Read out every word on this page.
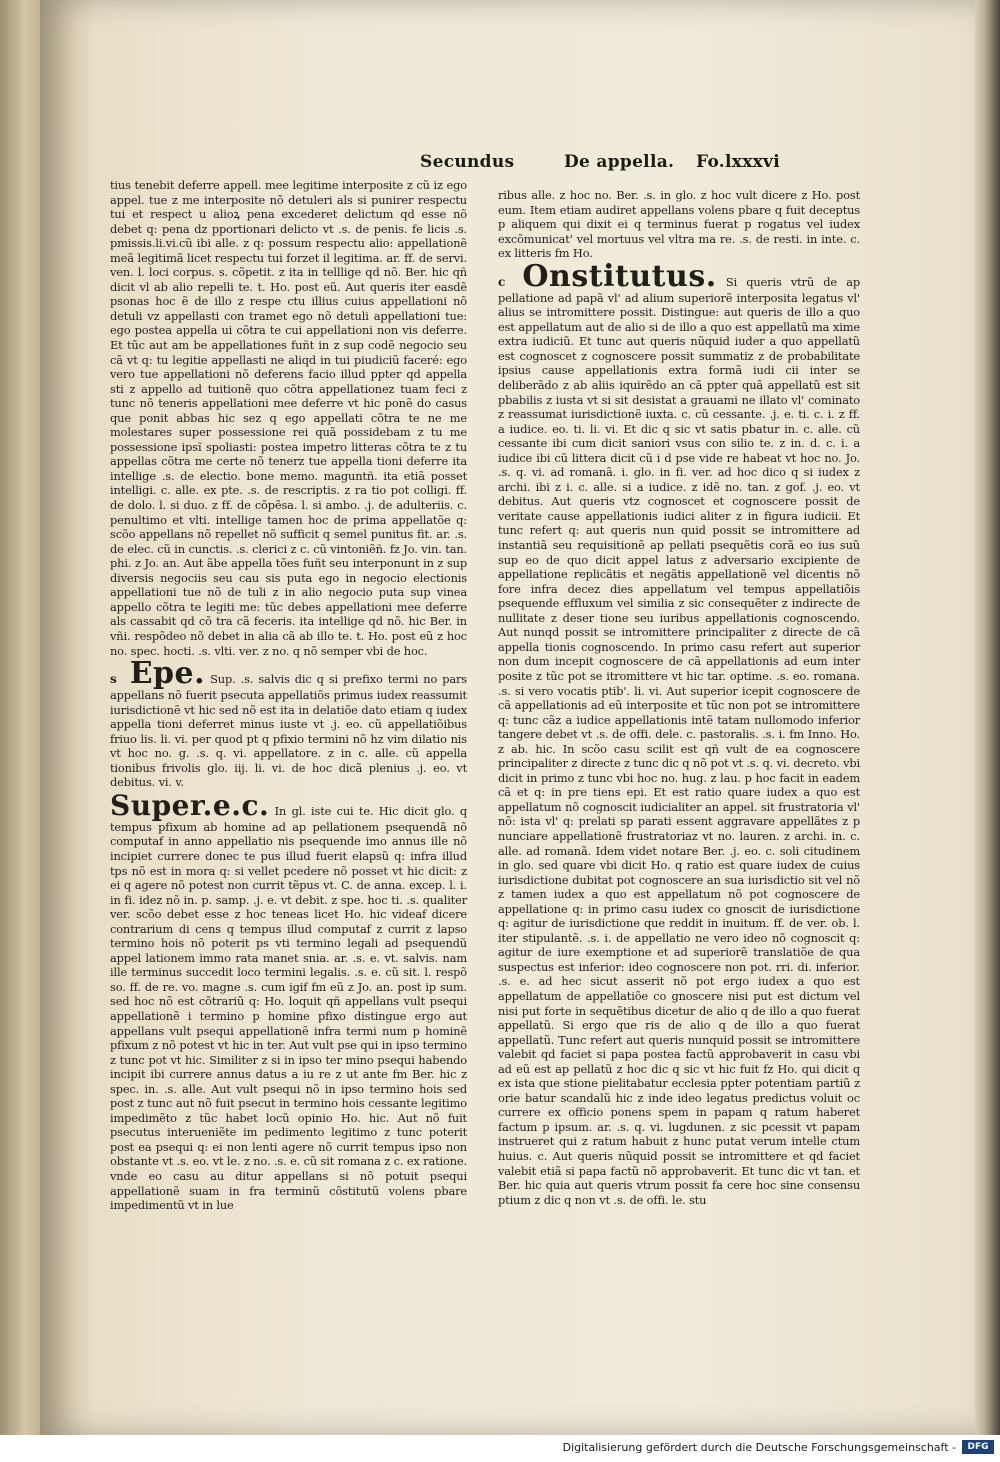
Secundus	De appella. Fo.lxxxvi

tius tenebit deferre appell. mee legitime interposite z cũ iz ego appel. tue z me interposite nõ detuleri als si punirer respectu tui et respect u alioꝝ pena excederet delictum qd esse nõ debet q: pena dz pportionari delicto vt .s. de penis. fe licis .s. pmissis.li.vi.cũ ibi alle. z q: possum respectu alio: appellationẽ meã legitimã licet respectu tui forzet il legitima. ar. ff. de servi. ven. l. loci corpus. s. cõpetit. z ita in telllige qd nõ. Ber. hic qñ dicit vl ab alio repelli te. t. Ho. post eũ. Aut queris iter easdẽ psonas hoc ẽ de illo z respe ctu illius cuius appellationi nõ detuli vz appellasti con tramet ego nõ detuli appellationi tue: ego postea appella ui cõtra te cui appellationi non vis deferre. Et tũc aut am be appellationes fuñt in z sup codẽ negocio seu cã vt q: tu legitie appellasti ne aliqd in tui piudiciũ faceré: ego vero tue appellationi nõ deferens facio illud ppter qd appella sti z appello ad tuitionẽ quo cõtra appellationez tuam feci z tunc nõ teneris appellationi mee deferre vt hic ponẽ do casus que ponit abbas hic sez q ego appellati cõtra te ne me molestares super possessione rei quã possidebam z tu me possessione ipsĩ spoliasti: postea impetro litteras cõtra te z tu appellas cõtra me certe nõ tenerz tue appella tioni deferre ita intellige .s. de electio. bone memo. maguntñ. ita etiã posset intelligi. c. alle. ex pte. .s. de rescriptis. z ra tio pot colligi. ff. de dolo. l. si duo. z ff. de cõpẽsa. l. si ambo. .j. de adulteriis. c. penultimo et vlti. intellige tamen hoc de prima appellatõe q: scõo appellans nõ repellet nõ sufficit q semel punitus fit. ar. .s. de elec. cũ in cunctis. .s. clerici z c. cũ vintoniẽñ. fz Jo. vin. tan. phi. z Jo. an. Aut ãbe appella tões fuñt seu interponunt in z sup diversis negociis seu cau sis puta ego in negocio electionis appellationi tue nõ de tuli z in alio negocio puta sup vinea appello cõtra te legiti me: tũc debes appellationi mee deferre als cassabit qd cõ tra cã feceris. ita intellige qd nõ. hic Ber. in vñi. respõdeo nõ debet in alia cã ab illo te. t. Ho. post eũ z hoc no. spec. hocti. .s. vlti. ver. z no. q nõ semper vbi de hoc.

s Epe. Sup. .s. salvis dic q si prefixo termi no pars appellans nõ fuerit psecuta appellatiõs primus iudex reassumit iurisdictionẽ vt hic sed nõ est ita in delatiõe dato etiam q iudex appella tioni deferret minus iuste vt .j. eo. cũ appellatiõibus friuo lis. li. vi. per quod pt q pfixio termini nõ hz vim dilatio nis vt hoc no. g. .s. q. vi. appellatore. z in c. alle. cũ appella tionibus frivolis glo. iij. li. vi. de hoc dicã plenius .j. eo. vt debitus. vi. v.

Super.e.c. In gl. iste cui te. Hic dicit glo. q tempus pfixum ab homine ad ap pellationem psequendã nõ computaf in anno appellatio nis psequende imo annus ille nõ incipiet currere donec te pus illud fuerit elapsũ q: infra illud tps nõ est in mora q: si vellet pcedere nõ posset vt hic dicit: z ei q agere nõ potest non currit tẽpus vt. C. de anna. excep. l. i. in fi. idez nõ in. p. samp. .j. e. vt debit. z spe. hoc ti. .s. qualiter ver. scõo debet esse z hoc teneas licet Ho. hic videaf dicere contrarium di cens q tempus illud computaf z currit z lapso termino hois nõ poterit ps vti termino legali ad psequendũ appel lationem immo rata manet snia. ar. .s. e. vt. salvis. nam ille terminus succedit loco termini legalis. .s. e. cũ sit. l. respõ so. ff. de re. vo. magne .s. cum igif fm eũ z Jo. an. post ip sum. sed hoc nõ est cõtrariũ q: Ho. loquit qñ appellans vult psequi appellationẽ i termino p homine pfixo distingue ergo aut appellans vult psequi appellationẽ infra termi num p hominẽ pfixum z nõ potest vt hic in ter. Aut vult pse qui in ipso termino z tunc pot vt hic. Similiter z si in ipso ter mino psequi habendo incipit ibi currere annus datus a iu re z ut ante fm Ber. hic z spec. in. .s. alle. Aut vult psequi nõ in ipso termino hois sed post z tunc aut nõ fuit psecut in termino hois cessante legitimo impedimẽto z tũc habet locũ opinio Ho. hic. Aut nõ fuit psecutus interueniẽte im pedimento legitimo z tunc poterit post ea psequi q: ei non lenti agere nõ currit tempus ipso non obstante vt .s. eo. vt le. z no. .s. e. cũ sit romana z c. ex ratione. vnde eo casu au ditur appellans si nõ potuit psequi appellationẽ suam in fra terminũ cõstitutũ volens pbare impedimentũ vt in lue

ribus alle. z hoc no. Ber. .s. in glo. z hoc vult dicere z Ho. post eum. Item etiam audiret appellans volens pbare q fuit deceptus p aliquem qui dixit ei q terminus fuerat p rogatus vel iudex excõmunicat' vel mortuus vel vltra ma re. .s. de resti. in inte. c. ex litteris fm Ho.

c Onstitutus. Si queris vtrũ de ap pellatione ad papã vl' ad alium superiorẽ interposita legatus vl' alius se intromittere possit. Distingue: aut queris de illo a quo est appellatum aut de alio si de illo a quo est appellatũ ma xime extra iudiciũ. Et tunc aut queris nũquid iuder a quo appellatũ est cognoscet z cognoscere possit summatiz z de probabilitate ipsius cause appellationis extra formã iudi cii inter se deliberãdo z ab aliis iquirẽdo an cã ppter quã appellatũ est sit pbabilis z iusta vt si sit desistat a grauami ne illato vl' cominato z reassumat iurisdictionẽ iuxta. c. cũ cessante. .j. e. ti. c. i. z ff. a iudice. eo. ti. li. vi. Et dic q sic vt satis pbatur in. c. alle. cũ cessante ibi cum dicit saniori vsus con silio te. z in. d. c. i. a iudice ibi cũ littera dicit cũ i d pse vide re habeat vt hoc no. Jo. .s. q. vi. ad romanã. i. glo. in fi. ver. ad hoc dico q si iudex z archi. ibi z i. c. alle. si a iudice. z idẽ no. tan. z gof. .j. eo. vt debitus. Aut queris vtz cognoscet et cognoscere possit de veritate cause appellationis iudici aliter z in figura iudicii. Et tunc refert q: aut queris nun quid possit se intromittere ad instantiã seu requisitionẽ ap pellati psequẽtis corã eo ius suũ sup eo de quo dicit appel latus z adversario excipiente de appellatione replicãtis et negãtis appellationẽ vel dicentis nõ fore infra decez dies appellatum vel tempus appellatiõis psequende effluxum vel similia z sic consequẽter z indirecte de nullitate z deser tione seu iuribus appellationis cognoscendo. Aut nunqd possit se intromittere principaliter z directe de cã appella tionis cognoscendo. In primo casu refert aut superior non dum incepit cognoscere de cã appellationis ad eum inter posite z tũc pot se itromittere vt hic tar. optime. .s. eo. romana. .s. si vero vocatis ptib'. li. vi. Aut superior icepit cognoscere de cã appellationis ad eũ interposite et tũc non pot se intromittere q: tunc cãz a iudice appellationis intẽ tatam nullomodo inferior tangere debet vt .s. de offi. dele. c. pastoralis. .s. i. fm Inno. Ho. z ab. hic. In scõo casu scilit est qñ vult de ea cognoscere principaliter z directe z tunc dic q nõ pot vt .s. q. vi. decreto. vbi dicit in primo z tunc vbi hoc no. hug. z lau. p hoc facit in eadem cã et q: in pre tiens epi. Et est ratio quare iudex a quo est appellatum nõ cognoscit iudicialiter an appel. sit frustratoria vl' nõ: ista vl' q: prelati sp parati essent aggravare appellãtes z p nunciare appellationẽ frustratoriaz vt no. lauren. z archi. in. c. alle. ad romanã. Idem videt notare Ber. .j. eo. c. soli citudinem in glo. sed quare vbi dicit Ho. q ratio est quare iudex de cuius iurisdictione dubitat pot cognoscere an sua iurisdictio sit vel nõ z tamen iudex a quo est appellatum nõ pot cognoscere de appellatione q: in primo casu iudex co gnoscit de iurisdictione q: agitur de iurisdictione que reddit in inuitum. ff. de ver. ob. l. iter stipulantẽ. .s. i. de appellatio ne vero ideo nõ cognoscit q: agitur de iure exemptione et ad superiorẽ translatiõe de qua suspectus est inferior: ideo cognoscere non pot. rri. di. inferior. .s. e. ad hec sicut asserit nõ pot ergo iudex a quo est appellatum de appellatiõe co gnoscere nisi put est dictum vel nisi put forte in sequẽtibus dicetur de alio q de illo a quo fuerat appellatũ. Si ergo que ris de alio q de illo a quo fuerat appellatũ. Tunc refert aut queris nunquid possit se intromittere valebit qd faciet si papa postea factũ approbaverit in casu vbi ad eũ est ap pellatũ z hoc dic q sic vt hic fuit fz Ho. qui dicit q ex ista que stione pielitabatur ecclesia ppter potentiam partiũ z orie batur scandalũ hic z inde ideo legatus predictus voluit oc currere ex officio ponens spem in papam q ratum haberet factum p ipsum. ar. .s. q. vi. lugdunen. z sic pcessit vt papam instrueret qui z ratum habuit z hunc putat verum intelle ctum huius. c. Aut queris nũquid possit se intromittere et qd faciet valebit etiã si papa factũ nõ approbaverit. Et tunc dic vt tan. et Ber. hic quia aut queris vtrum possit fa cere hoc sine consensu ptium z dic q non vt .s. de offi. le. stu

Digitalisierung gefördert durch die Deutsche Forschungsgemeinschaft -	DFG
